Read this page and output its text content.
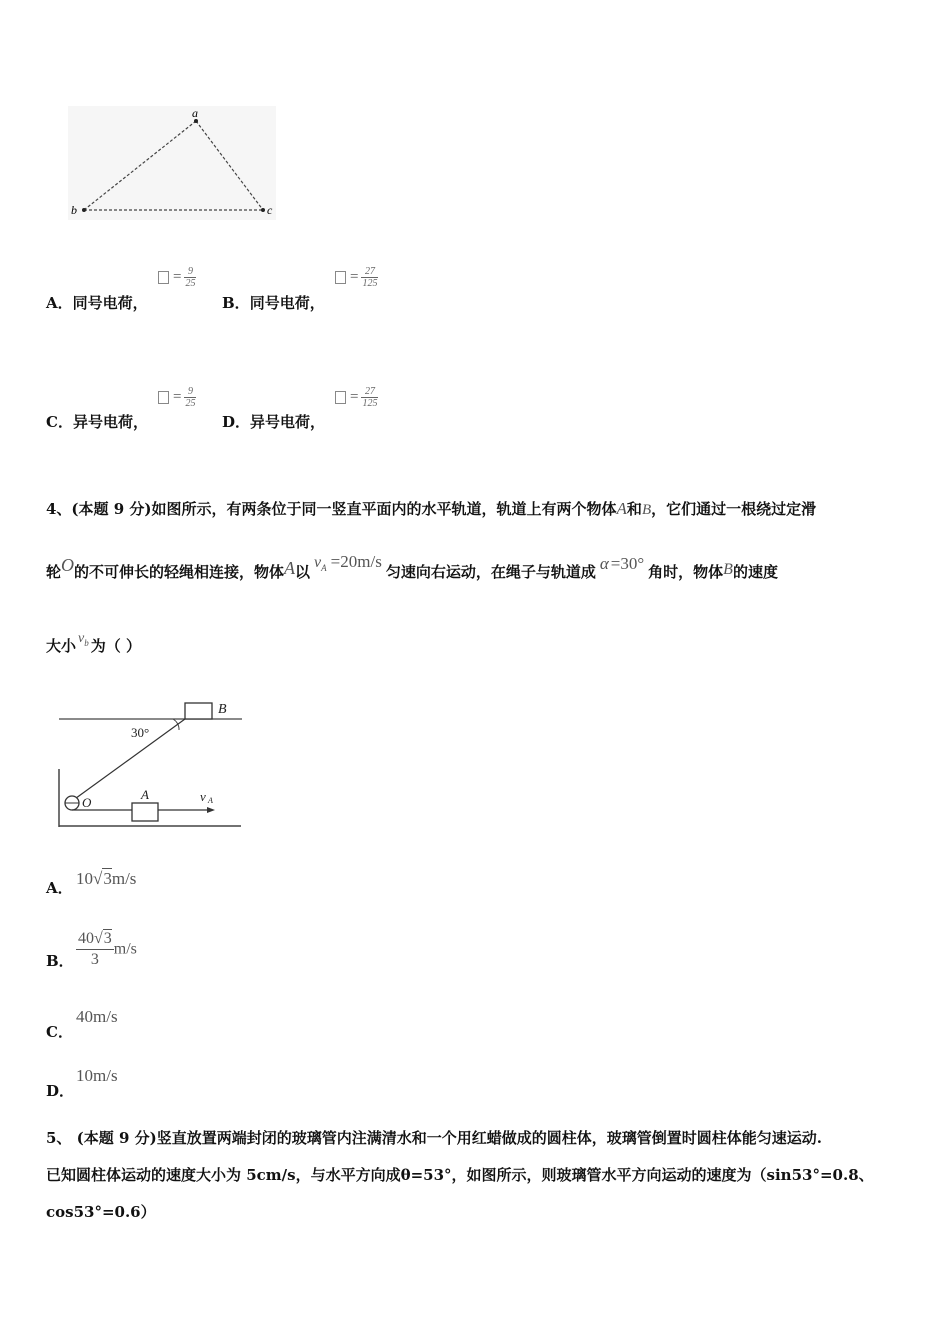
a
b	c
A．同号电荷，
= $\frac{9}{25}$
B．同号电荷，
= $\frac{27}{125}$
C．异号电荷，
= $\frac{9}{25}$
D．异号电荷，
= $\frac{27}{125}$
4、(本题 9 分)如图所示，有两条位于同一竖直平面内的水平轨道，轨道上有两个物体A和B，它们通过一根绕过定滑
轮O的不可伸长的轻绳相连接，物体A以$v_A =20m/s$匀速向右运动，在绳子与轨道成 α =30° 角时，物体B的速度
大小 $v_b$ 为（ ）
B
30°
O
A	v A
A． 10√3m/s
B． $\frac{40√3}{3} m/s$
C．
40m/s
D．
10m/s
5、 (本题 9 分)竖直放置两端封闭的玻璃管内注满清水和一个用红蜡做成的圆柱体，玻璃管倒置时圆柱体能匀速运动.
已知圆柱体运动的速度大小为 5cm/s，与水平方向成θ=53°，如图所示，则玻璃管水平方向运动的速度为（sin53°=0.8、
cos53°=0.6）
